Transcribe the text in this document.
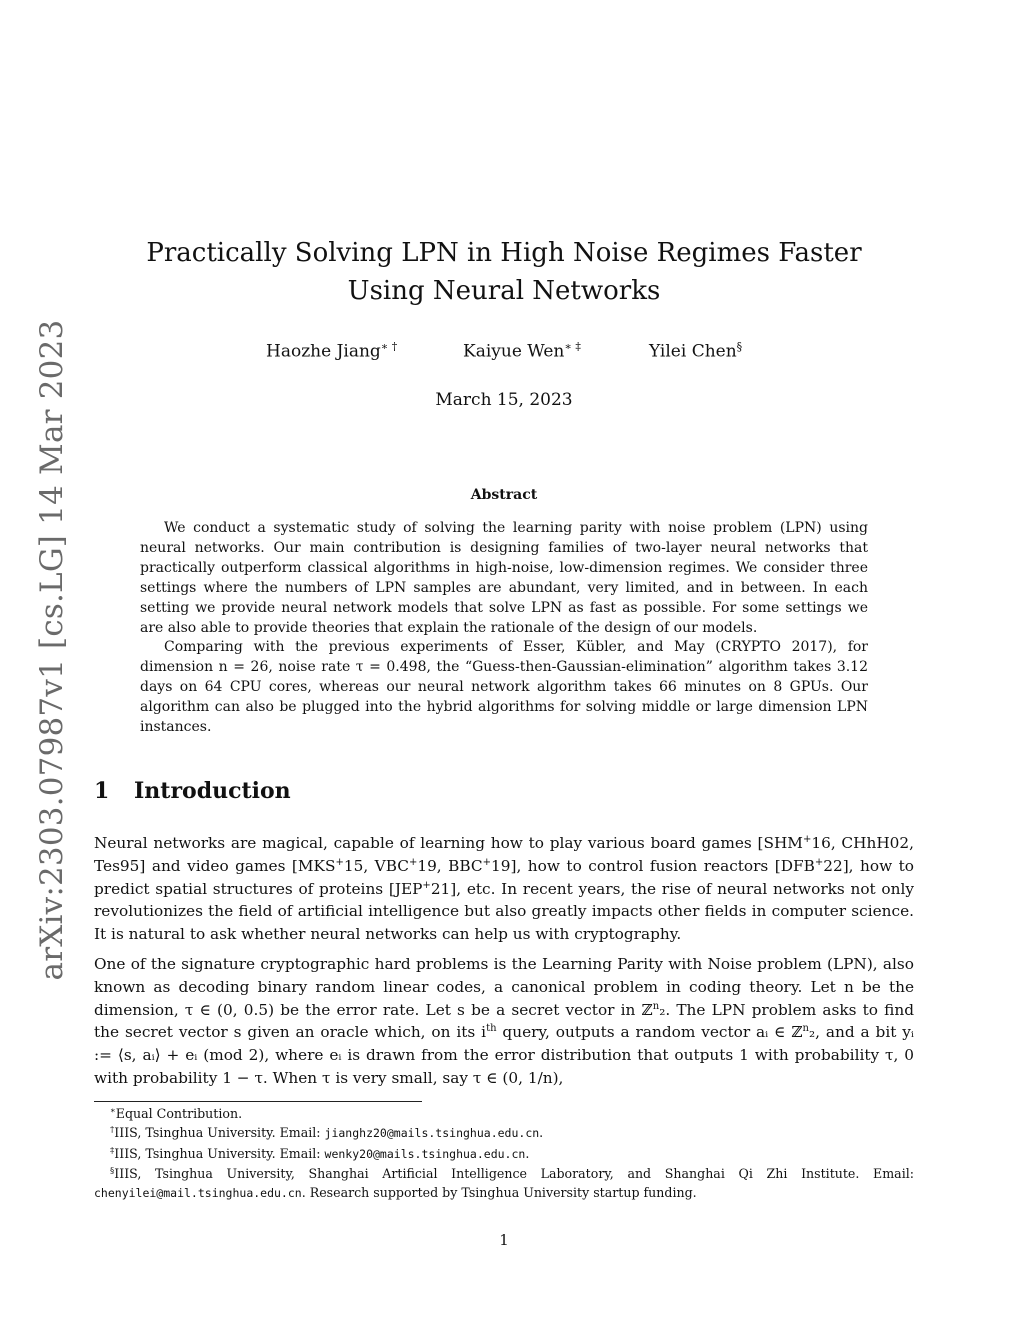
arXiv:2303.07987v1 [cs.LG] 14 Mar 2023
Practically Solving LPN in High Noise Regimes Faster
Using Neural Networks
Haozhe Jiang∗ †	Kaiyue Wen∗ ‡	Yilei Chen§
March 15, 2023
Abstract

We conduct a systematic study of solving the learning parity with noise problem (LPN) using neural networks. Our main contribution is designing families of two-layer neural networks that practically outperform classical algorithms in high-noise, low-dimension regimes. We consider three settings where the numbers of LPN samples are abundant, very limited, and in between. In each setting we provide neural network models that solve LPN as fast as possible. For some settings we are also able to provide theories that explain the rationale of the design of our models.

Comparing with the previous experiments of Esser, Kübler, and May (CRYPTO 2017), for dimension n = 26, noise rate τ = 0.498, the “Guess-then-Gaussian-elimination” algorithm takes 3.12 days on 64 CPU cores, whereas our neural network algorithm takes 66 minutes on 8 GPUs. Our algorithm can also be plugged into the hybrid algorithms for solving middle or large dimension LPN instances.

1 Introduction

Neural networks are magical, capable of learning how to play various board games [SHM+16, CHhH02, Tes95] and video games [MKS+15, VBC+19, BBC+19], how to control fusion reactors [DFB+22], how to predict spatial structures of proteins [JEP+21], etc. In recent years, the rise of neural networks not only revolutionizes the field of artificial intelligence but also greatly impacts other fields in computer science. It is natural to ask whether neural networks can help us with cryptography.

One of the signature cryptographic hard problems is the Learning Parity with Noise problem (LPN), also known as decoding binary random linear codes, a canonical problem in coding theory. Let n be the dimension, τ ∈ (0, 0.5) be the error rate. Let s be a secret vector in ℤ$^n$₂. The LPN problem asks to find the secret vector s given an oracle which, on its $i^{th}$ query, outputs a random vector aᵢ ∈ ℤ$^n$₂, and a bit yᵢ := ⟨s, aᵢ⟩ + eᵢ (mod 2), where eᵢ is drawn from the error distribution that outputs 1 with probability τ, 0 with probability 1 − τ. When τ is very small, say τ ∈ (0, 1/n),

∗Equal Contribution.

†IIIS, Tsinghua University. Email: jianghz20@mails.tsinghua.edu.cn.

‡IIIS, Tsinghua University. Email: wenky20@mails.tsinghua.edu.cn.

§IIIS, Tsinghua University, Shanghai Artificial Intelligence Laboratory, and Shanghai Qi Zhi Institute. Email: chenyilei@mail.tsinghua.edu.cn. Research supported by Tsinghua University startup funding.

1
